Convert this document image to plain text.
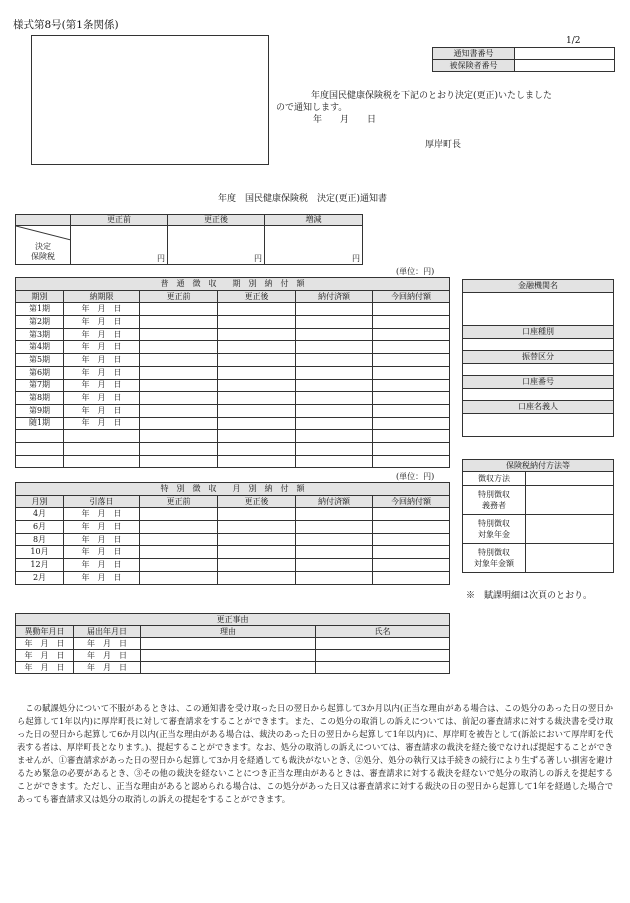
様式第8号(第1条関係)
1/2
通知書番号	
被保険者番号	
年度国民健康保険税を下記のとおり決定(更正)いたしました
ので通知します。
年　　月　　日
厚岸町長
年度　国民健康保険税　決定(更正)通知書
	更正前	更正後	増減

決定
保険税	円	円	円
(単位：円)
普　通　徴　収　　期　別　納　付　額					
期別	納期限	更正前	更正後	納付済額	今回納付額
第1期	年　月　日				
第2期	年　月　日				
第3期	年　月　日				
第4期	年　月　日				
第5期	年　月　日				
第6期	年　月　日				
第7期	年　月　日				
第8期	年　月　日				
第9期	年　月　日				
随1期	年　月　日				

(単位：円)
特　別　徴　収　　月　別　納　付　額					
月別	引落日	更正前	更正後	納付済額	今回納付額
4月	年　月　日				
6月	年　月　日				
8月	年　月　日				
10月	年　月　日				
12月	年　月　日				
2月	年　月　日				
金融機関名

口座種別

振替区分

口座番号

口座名義人

保険税納付方法等	
徴収方法	
特別徴収
義務者	
特別徴収
対象年金	
特別徴収
対象年金額	
※　賦課明細は次頁のとおり。
更正事由			
異動年月日	届出年月日	理由	氏名
年　月　日	年　月　日		
年　月　日	年　月　日		
年　月　日	年　月　日		
この賦課処分について不服があるときは、この通知書を受け取った日の翌日から起算して3か月以内(正当な理由がある場合は、この処分のあった日の翌日から起算して1年以内)に厚岸町長に対して審査請求をすることができます。また、この処分の取消しの訴えについては、前記の審査請求に対する裁決書を受け取った日の翌日から起算して6か月以内(正当な理由がある場合は、裁決のあった日の翌日から起算して1年以内)に、厚岸町を被告として(訴訟において厚岸町を代表する者は、厚岸町長となります。)、提起することができます。なお、処分の取消しの訴えについては、審査請求の裁決を経た後でなければ提起することができませんが、①審査請求があった日の翌日から起算して3か月を経過しても裁決がないとき、②処分、処分の執行又は手続きの続行により生ずる著しい損害を避けるため緊急の必要があるとき、③その他の裁決を経ないことにつき正当な理由があるときは、審査請求に対する裁決を経ないで処分の取消しの訴えを提起することができます。ただし、正当な理由があると認められる場合は、この処分があった日又は審査請求に対する裁決の日の翌日から起算して1年を経過した場合であっても審査請求又は処分の取消しの訴えの提起をすることができます。
